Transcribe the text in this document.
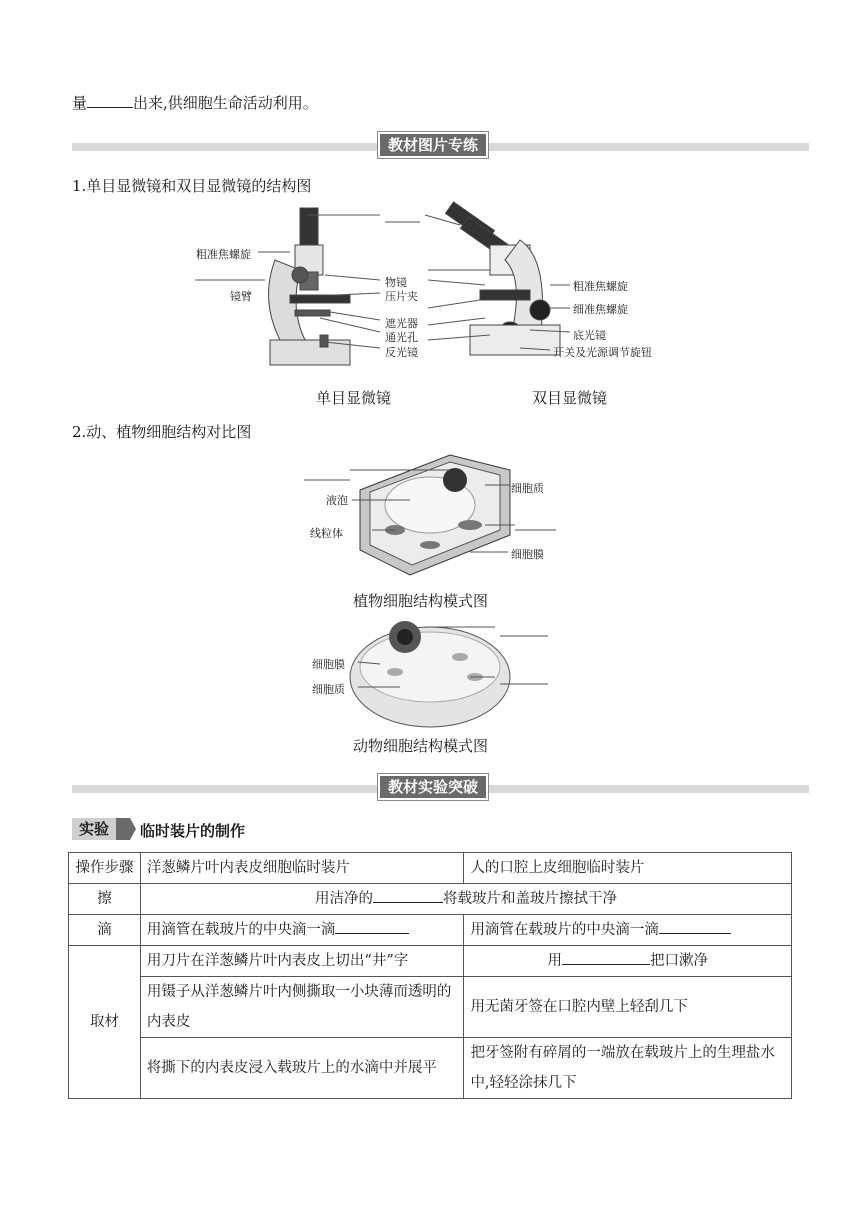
量	出来,供细胞生命活动利用。
教材图片专练
1.单目显微镜和双目显微镜的结构图
粗准焦螺旋
镜臂
物镜
压片夹
遮光器
通光孔
反光镜
粗准焦螺旋
细准焦螺旋
底光镜
开关及光源调节旋钮
单目显微镜	双目显微镜
2.动、植物细胞结构对比图
液泡
线粒体
细胞质
细胞膜
植物细胞结构模式图
细胞膜
细胞质
动物细胞结构模式图
教材实验突破
实验	临时装片的制作
操作步骤	洋葱鳞片叶内表皮细胞临时装片	人的口腔上皮细胞临时装片
擦	用洁净的 将载玻片和盖玻片擦拭干净	
滴	用滴管在载玻片的中央滴一滴	用滴管在载玻片的中央滴一滴
取材	用刀片在洋葱鳞片叶内表皮上切出“井”字	用 把口漱净
	用镊子从洋葱鳞片叶内侧撕取一小块薄而透明的内表皮	用无菌牙签在口腔内壁上轻刮几下
	将撕下的内表皮浸入载玻片上的水滴中并展平	把牙签附有碎屑的一端放在载玻片上的生理盐水中,轻轻涂抹几下
